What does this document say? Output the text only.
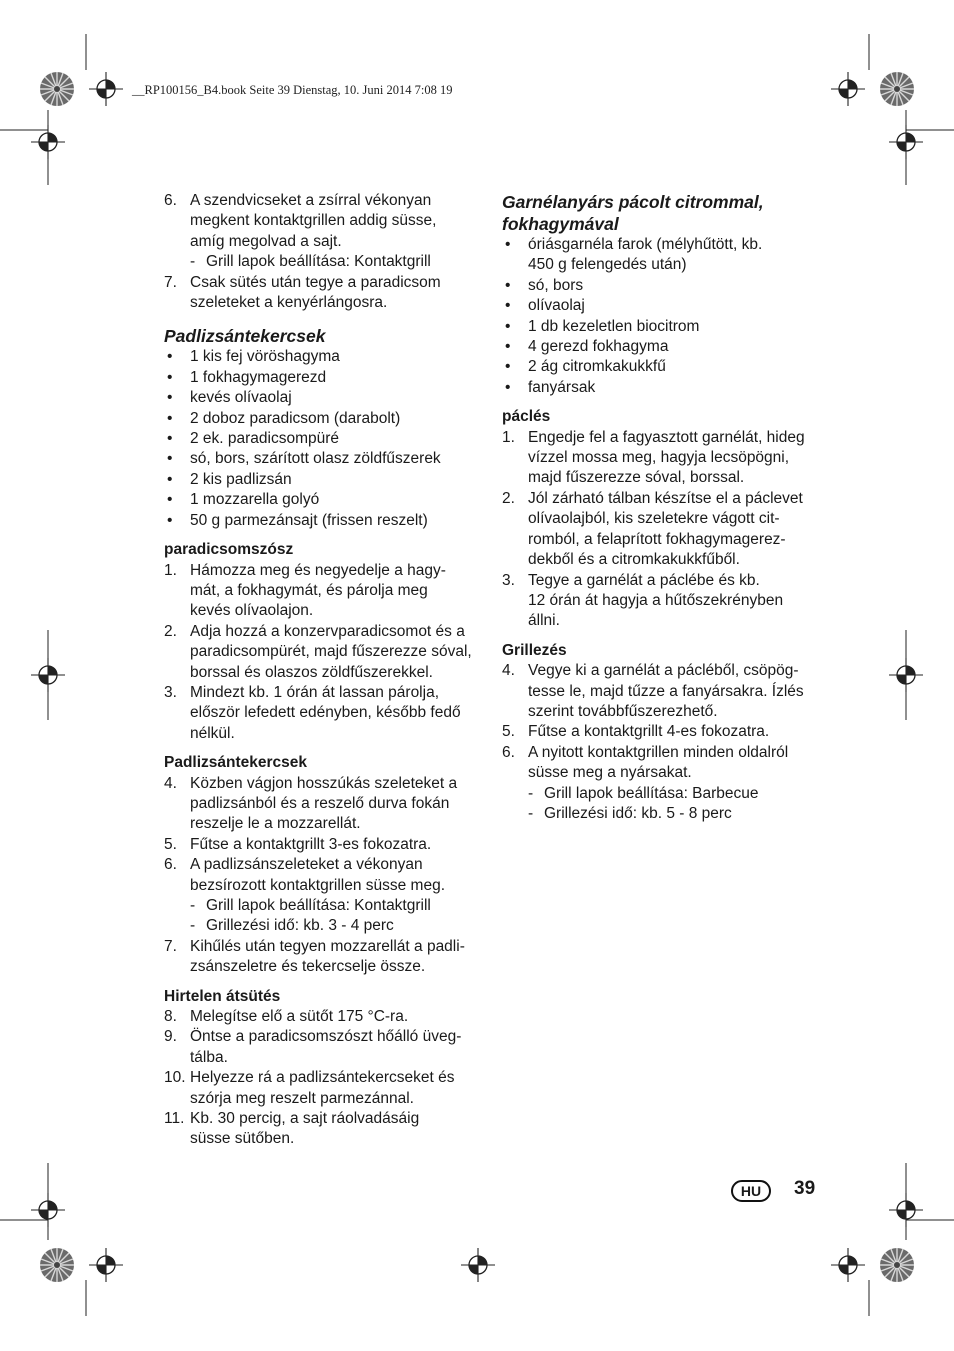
__RP100156_B4.book Seite 39 Dienstag, 10. Juni 2014 7:08 19
6. A szendvicseket a zsírral vékonyan
megkent kontaktgrillen addig süsse,
amíg megolvad a sajt.
- Grill lapok beállítása: Kontaktgrill
7. Csak sütés után tegye a paradicsom
szeleteket a kenyérlángosra.
Padlizsántekercsek
• 1 kis fej vöröshagyma
• 1 fokhagymagerezd
• kevés olívaolaj
• 2 doboz paradicsom (darabolt)
• 2 ek. paradicsompüré
• só, bors, szárított olasz zöldfűszerek
• 2 kis padlizsán
• 1 mozzarella golyó
• 50 g parmezánsajt (frissen reszelt)
paradicsomszósz
1. Hámozza meg és negyedelje a hagy-
mát, a fokhagymát, és párolja meg
kevés olívaolajon.
2. Adja hozzá a konzervparadicsomot és a
paradicsompürét, majd fűszerezze sóval,
borssal és olaszos zöldfűszerekkel.
3. Mindezt kb. 1 órán át lassan párolja,
először lefedett edényben, később fedő
nélkül.
Padlizsántekercsek
4. Közben vágjon hosszúkás szeleteket a
padlizsánból és a reszelő durva fokán
reszelje le a mozzarellát.
5. Fűtse a kontaktgrillt 3-es fokozatra.
6. A padlizsánszeleteket a vékonyan
bezsírozott kontaktgrillen süsse meg.
- Grill lapok beállítása: Kontaktgrill
- Grillezési idő: kb. 3 - 4 perc
7. Kihűlés után tegyen mozzarellát a padli-
zsánszeletre és tekercselje össze.
Hirtelen átsütés
8. Melegítse elő a sütőt 175 °C-ra.
9. Öntse a paradicsomszószt hőálló üveg-
tálba.
10. Helyezze rá a padlizsántekercseket és
szórja meg reszelt parmezánnal.
11. Kb. 30 percig, a sajt ráolvadásáig
süsse sütőben.
Garnélanyárs pácolt citrommal,
fokhagymával
• óriásgarnéla farok (mélyhűtött, kb.
450 g felengedés után)
• só, bors
• olívaolaj
• 1 db kezeletlen biocitrom
• 4 gerezd fokhagyma
• 2 ág citromkakukkfű
• fanyársak
páclés
1. Engedje fel a fagyasztott garnélát, hideg
vízzel mossa meg, hagyja lecsöpögni,
majd fűszerezze sóval, borssal.
2. Jól zárható tálban készítse el a páclevet
olívaolajból, kis szeletekre vágott cit-
romból, a felaprított fokhagymagerez-
dekből és a citromkakukkfűből.
3. Tegye a garnélát a páclébe és kb.
12 órán át hagyja a hűtőszekrényben
állni.
Grillezés
4. Vegye ki a garnélát a pácléből, csöpög-
tesse le, majd tűzze a fanyársakra. Ízlés
szerint továbbfűszerezhető.
5. Fűtse a kontaktgrillt 4-es fokozatra.
6. A nyitott kontaktgrillen minden oldalról
süsse meg a nyársakat.
- Grill lapok beállítása: Barbecue
- Grillezési idő: kb. 5 - 8 perc
HU	39
